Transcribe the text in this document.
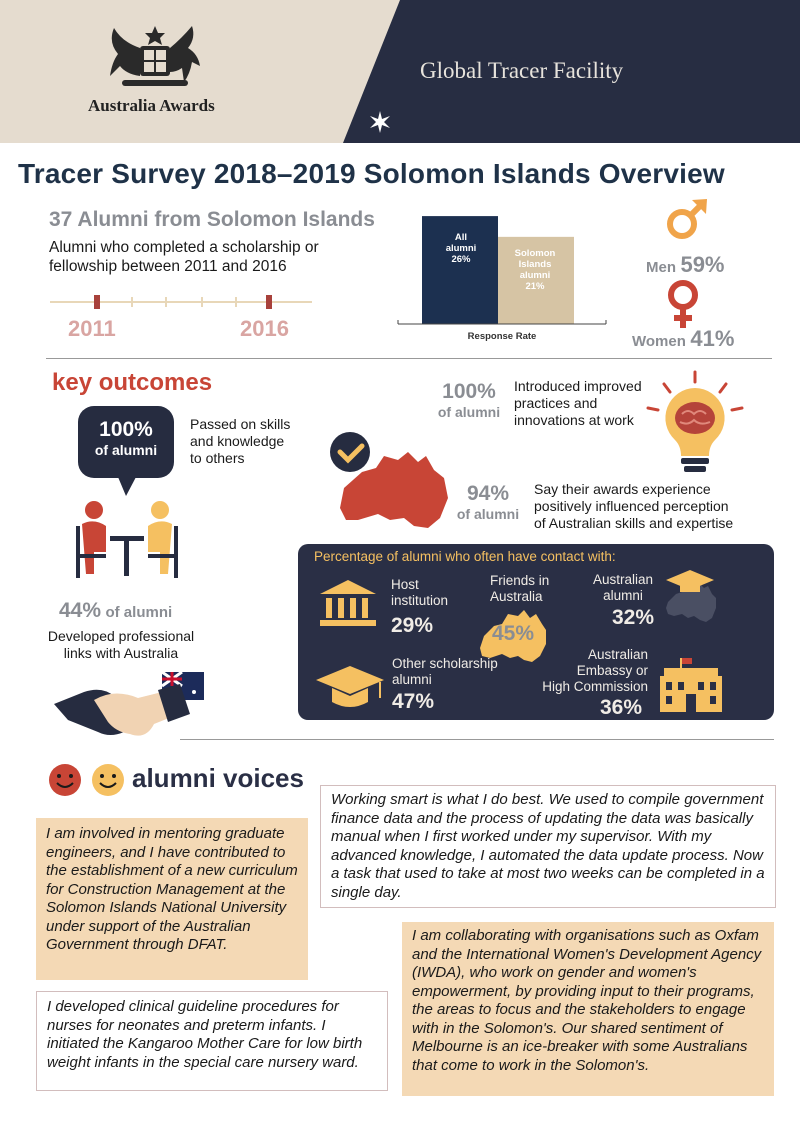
Australia Awards
Global Tracer Facility
Tracer Survey 2018–2019 Solomon Islands Overview
37 Alumni from Solomon Islands
Alumni who completed a scholarship or fellowship between 2011 and 2016
2011	2016
All
alumni
26%
Solomon
Islands
alumni
21%
Response Rate
Men 59%
Women 41%
key outcomes
100%
of alumni
Passed on skills
and knowledge
to others
44% of alumni
Developed professional
links with Australia
100%
of alumni
Introduced improved
practices and
innovations at work
94%
of alumni
Say their awards experience
positively influenced perception
of Australian skills and expertise
Percentage of alumni who often have contact with:
Host
institution
29%
Friends in
Australia
45%
Australian
alumni
32%
Other scholarship
alumni
47%
Australian
Embassy or
High Commission
36%
alumni voices
I am involved in mentoring graduate engineers, and I have contributed to the establishment of a new curriculum for Construction Management at the Solomon Islands National University under support of the Australian Government through DFAT.
Working smart is what I do best. We used to compile government finance data and the process of updating the data was basically manual when I first worked under my supervisor. With my advanced knowledge, I automated the data update process. Now a task that used to take at most two weeks can be completed in a single day.
I developed clinical guideline procedures for nurses for neonates and preterm infants. I initiated the Kangaroo Mother Care for low birth weight infants in the special care nursery ward.
I am collaborating with organisations such as Oxfam and the International Women's Development Agency (IWDA), who work on gender and women's empowerment, by providing input to their programs, the areas to focus and the stakeholders to engage with in the Solomon's. Our shared sentiment of Melbourne is an ice-breaker with some Australians that come to work in the Solomon's.
